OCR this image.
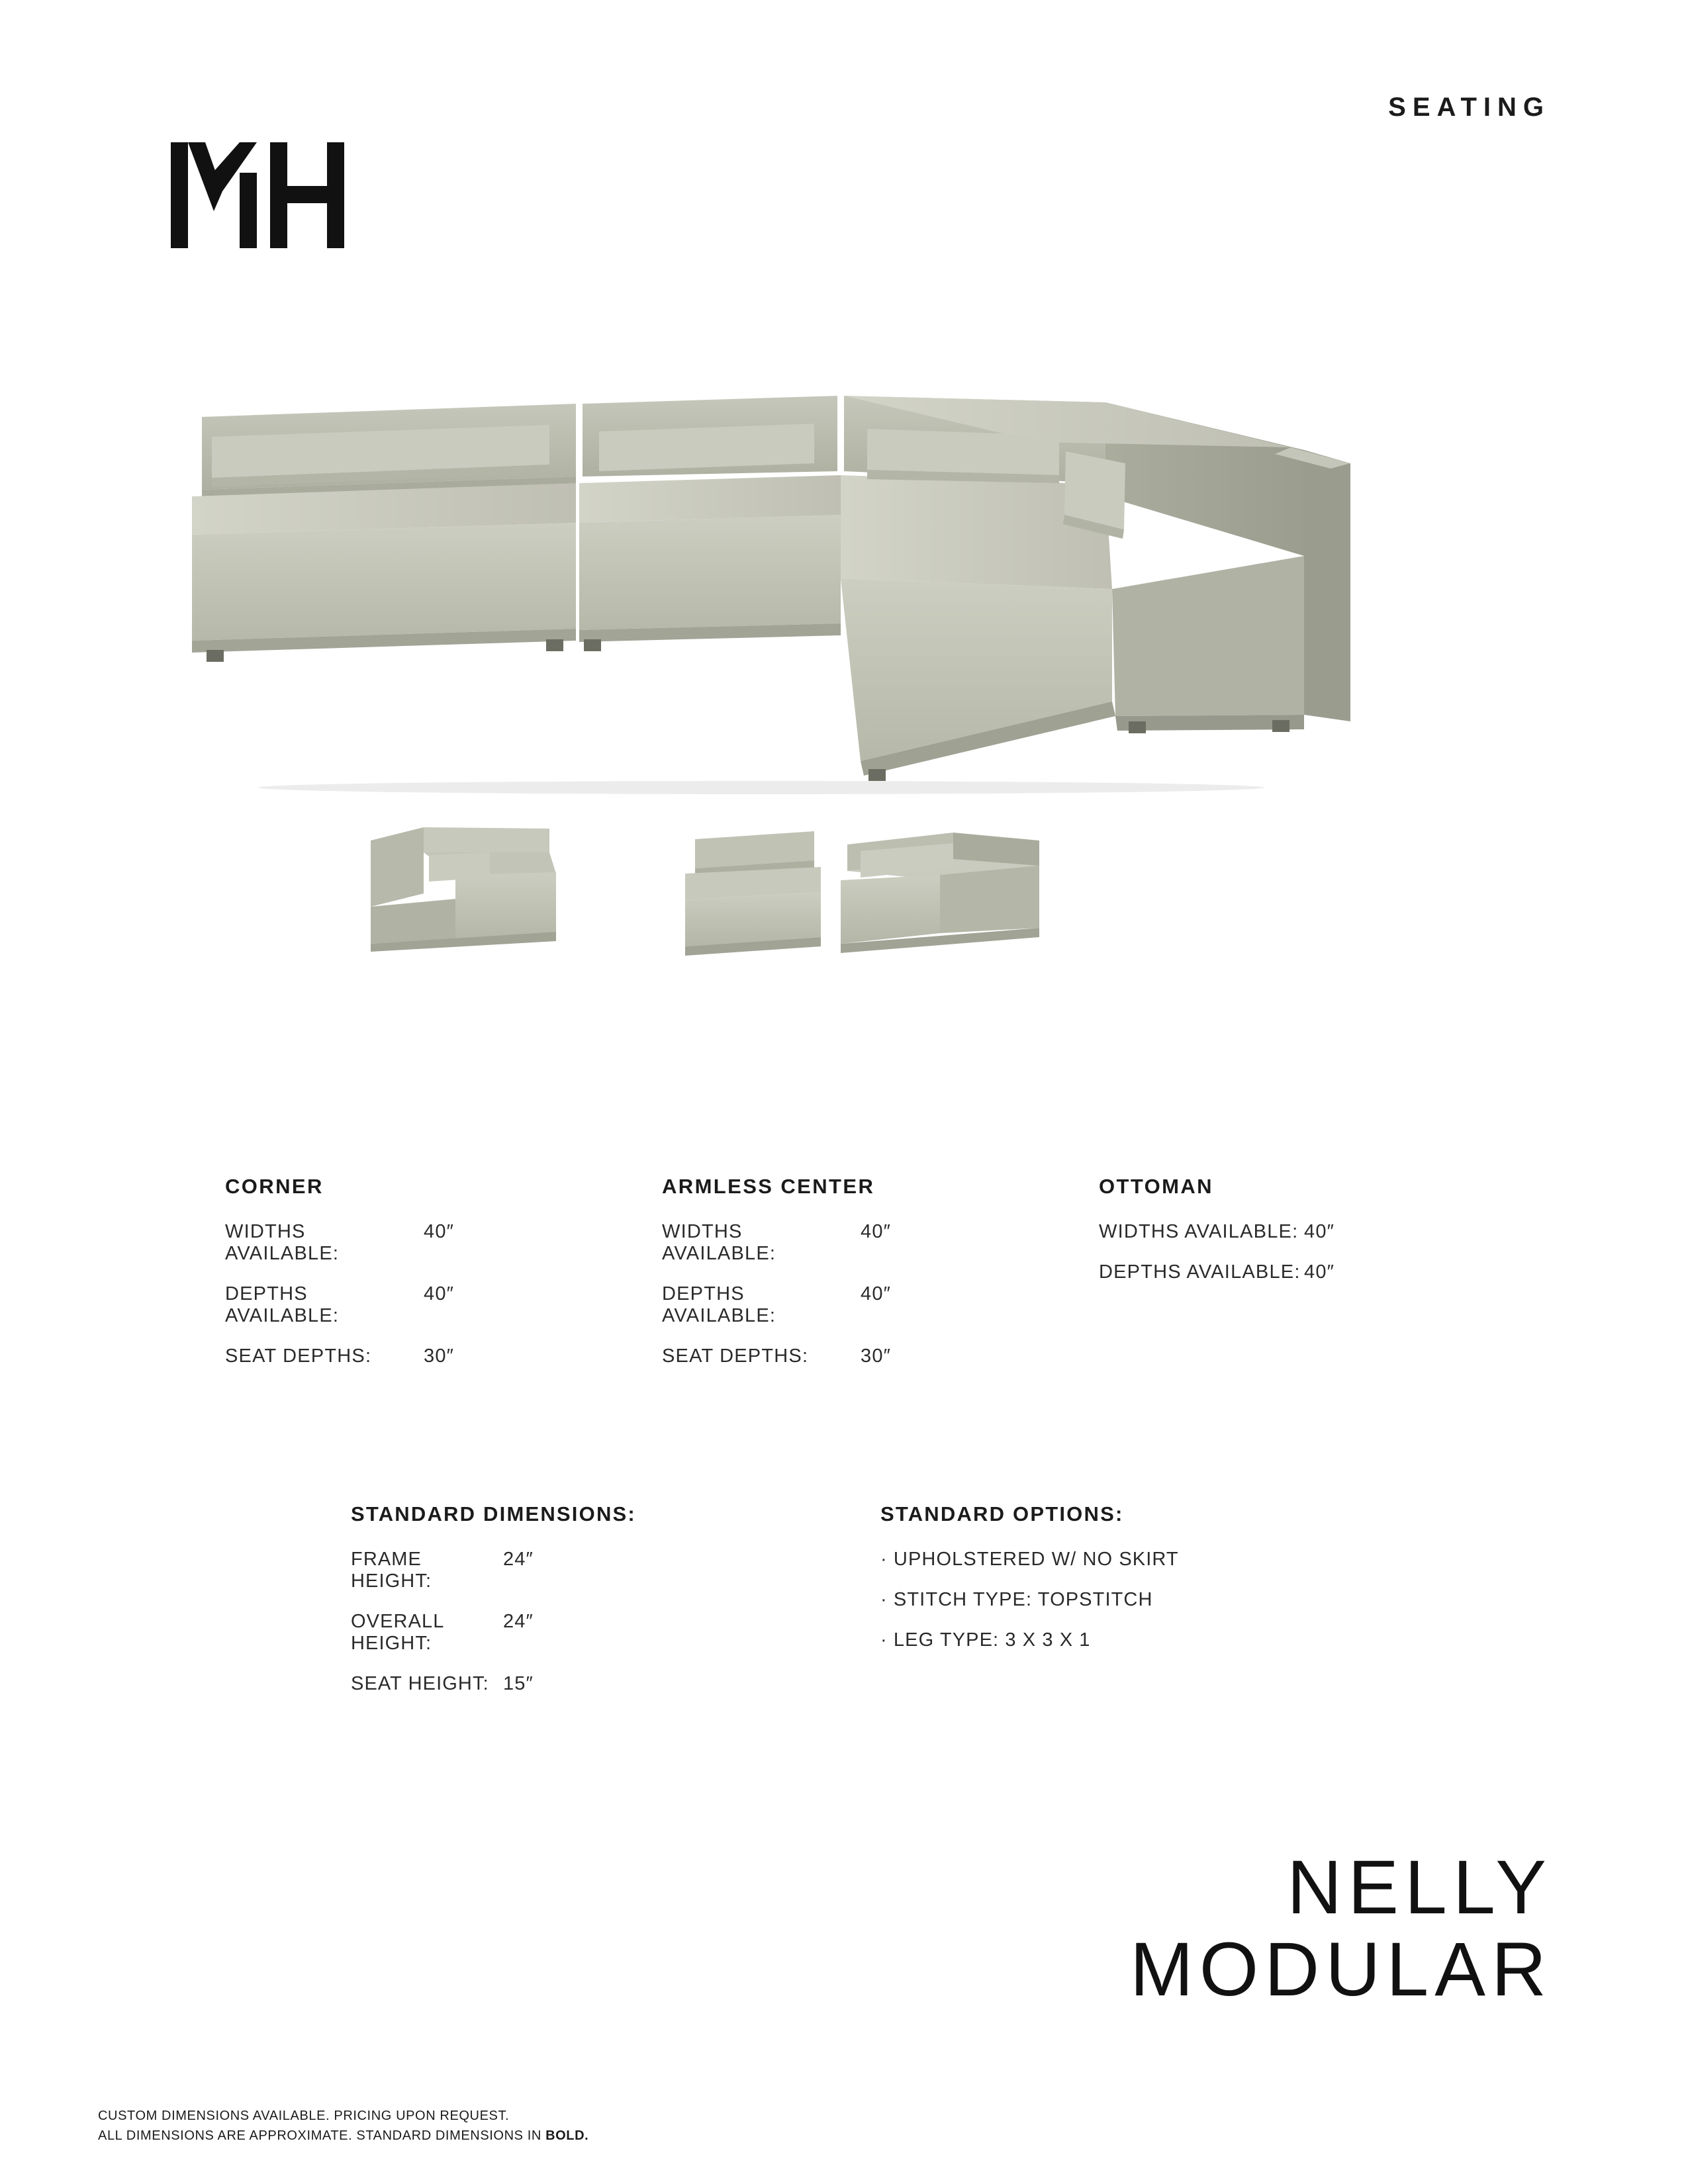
SEATING
CORNER
WIDTHS AVAILABLE:
40″
DEPTHS AVAILABLE:
40″
SEAT DEPTHS:	30″
ARMLESS CENTER
WIDTHS AVAILABLE:
40″
DEPTHS AVAILABLE:
40″
SEAT DEPTHS:	30″
OTTOMAN
WIDTHS AVAILABLE: 40″
DEPTHS AVAILABLE: 40″
STANDARD DIMENSIONS:
FRAME HEIGHT:
24″
OVERALL HEIGHT:
24″
SEAT HEIGHT: 15″
STANDARD OPTIONS:
· UPHOLSTERED W/ NO SKIRT
· STITCH TYPE: TOPSTITCH
· LEG TYPE: 3 X 3 X 1
NELLY
MODULAR
CUSTOM DIMENSIONS AVAILABLE. PRICING UPON REQUEST.
ALL DIMENSIONS ARE APPROXIMATE. STANDARD DIMENSIONS IN BOLD.
